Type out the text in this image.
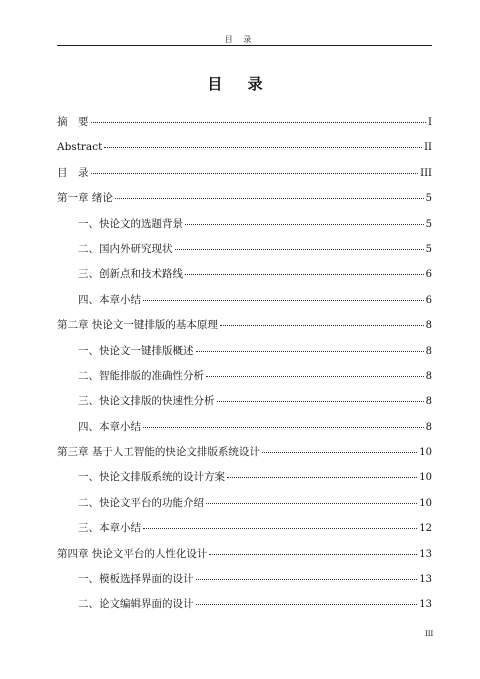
目 录
目 录
摘　要	I
Abstract	II
目　录	III
第一章 绪论	5
一、快论文的选题背景	5
二、国内外研究现状	5
三、创新点和技术路线	6
四、本章小结	6
第二章 快论文一键排版的基本原理	8
一、快论文一键排版概述	8
二、智能排版的准确性分析	8
三、快论文排版的快速性分析	8
四、本章小结	8
第三章 基于人工智能的快论文排版系统设计	10
一、快论文排版系统的设计方案	10
二、快论文平台的功能介绍	10
三、本章小结	12
第四章 快论文平台的人性化设计	13
一、模板选择界面的设计	13
二、论文编辑界面的设计	13
III
